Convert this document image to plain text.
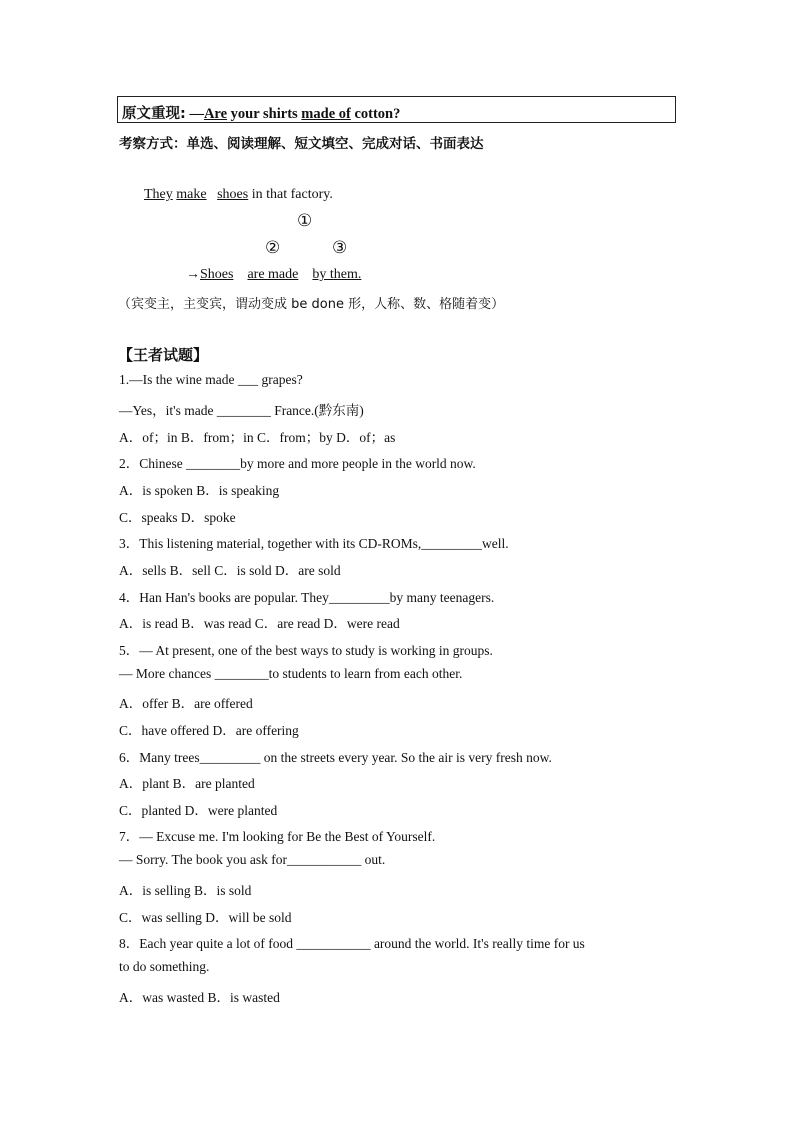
原文重现: —Are your shirts made of cotton?
考察方式：单选、阅读理解、短文填空、完成对话、书面表达
They make shoes in that factory.
①
②	③
→Shoes are made by them.
（宾变主，主变宾，谓动变成 be done 形，人称、数、格随着变）
【王者试题】
1.—Is the wine made ___ grapes?
—Yes，it's made ________ France.(黔东南)
A．of；in B．from；in C．from；by D．of；as
2．Chinese ________by more and more people in the world now.
A．is spoken B．is speaking
C．speaks D．spoke
3．This listening material, together with its CD-ROMs,_________well.
A．sells B．sell C．is sold D．are sold
4．Han Han's books are popular. They_________by many teenagers.
A．is read B．was read C．are read D．were read
5．— At present, one of the best ways to study is working in groups.
— More chances ________to students to learn from each other.
A．offer B．are offered
C．have offered D．are offering
6．Many trees_________ on the streets every year. So the air is very fresh now.
A．plant B．are planted
C．planted D．were planted
7．— Excuse me. I'm looking for Be the Best of Yourself.
— Sorry. The book you ask for___________ out.
A．is selling B．is sold
C．was selling D．will be sold
8．Each year quite a lot of food ___________ around the world. It's really time for us
to do something.
A．was wasted B．is wasted
